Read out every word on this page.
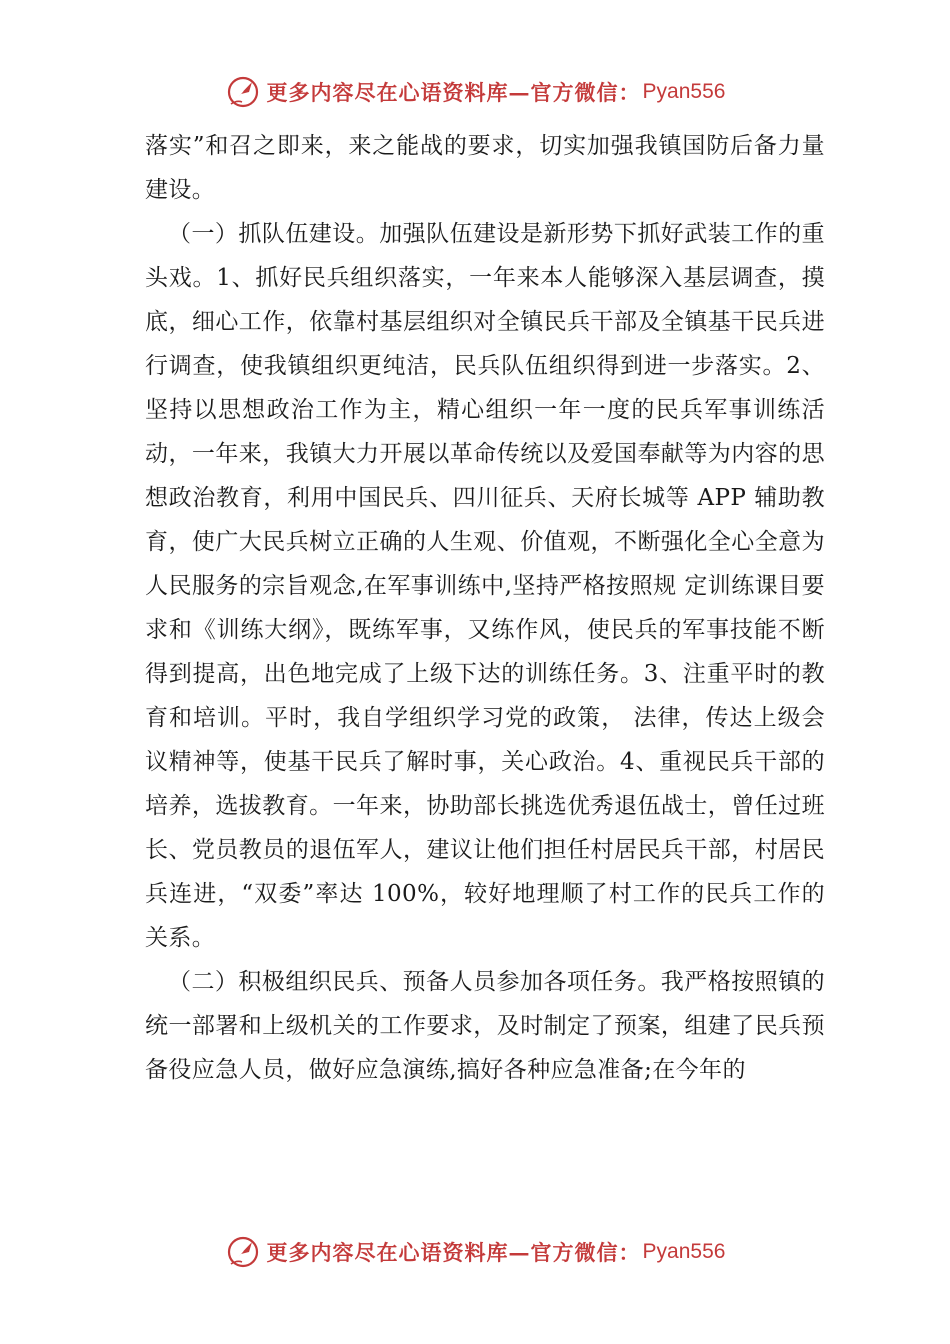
更多内容尽在心语资料库—官方微信： Pyan556

落实”和召之即来，来之能战的要求，切实加强我镇国防后备力量建设。

（一）抓队伍建设。加强队伍建设是新形势下抓好武装工作的重头戏。1、抓好民兵组织落实，一年来本人能够深入基层调查，摸底，细心工作，依靠村基层组织对全镇民兵干部及全镇基干民兵进行调查，使我镇组织更纯洁，民兵队伍组织得到进一步落实。2、坚持以思想政治工作为主，精心组织一年一度的民兵军事训练活动，一年来，我镇大力开展以革命传统以及爱国奉献等为内容的思想政治教育，利用中国民兵、四川征兵、天府长城等 APP 辅助教育，使广大民兵树立正确的人生观、价值观，不断强化全心全意为人民服务的宗旨观念,在军事训练中,坚持严格按照规 定训练课目要求和《训练大纲》，既练军事，又练作风，使民兵的军事技能不断得到提高，出色地完成了上级下达的训练任务。3、注重平时的教育和培训。平时，我自学组织学习党的政策， 法律，传达上级会议精神等，使基干民兵了解时事，关心政治。4、重视民兵干部的培养，选拔教育。一年来，协助部长挑选优秀退伍战士，曾任过班长、党员教员的退伍军人，建议让他们担任村居民兵干部，村居民兵连进，“双委”率达 100%，较好地理顺了村工作的民兵工作的关系。

（二）积极组织民兵、预备人员参加各项任务。我严格按照镇的统一部署和上级机关的工作要求，及时制定了预案，组建了民兵预备役应急人员，做好应急演练,搞好各种应急准备;在今年的

更多内容尽在心语资料库—官方微信： Pyan556
